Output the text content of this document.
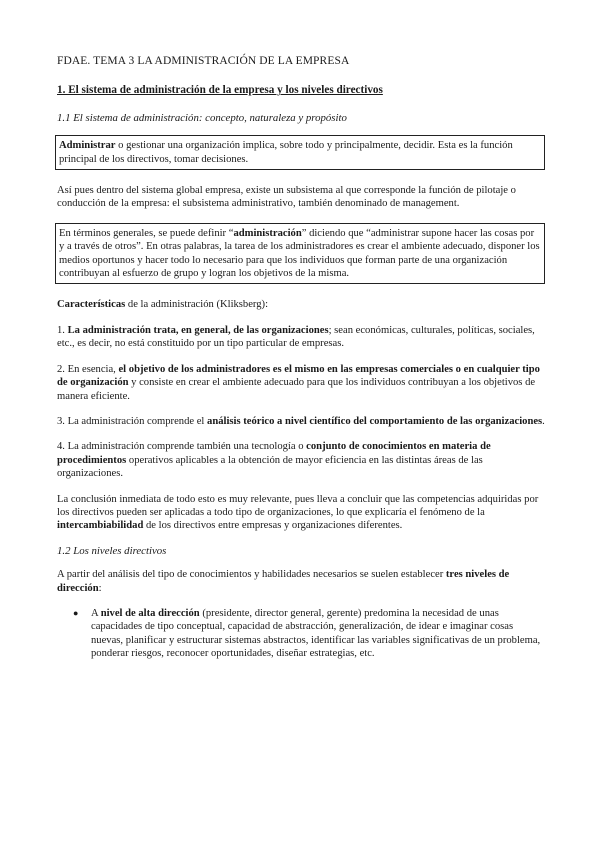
FDAE. TEMA 3 LA ADMINISTRACIÓN DE LA EMPRESA
1. El sistema de administración de la empresa y los niveles directivos
1.1 El sistema de administración: concepto, naturaleza y propósito
Administrar o gestionar una organización implica, sobre todo y principalmente, decidir. Esta es la función principal de los directivos, tomar decisiones.

Así pues dentro del sistema global empresa, existe un subsistema al que corresponde la función de pilotaje o conducción de la empresa: el subsistema administrativo, también denominado de management.

En términos generales, se puede definir “administración” diciendo que “administrar supone hacer las cosas por y a través de otros”. En otras palabras, la tarea de los administradores es crear el ambiente adecuado, disponer los medios oportunos y hacer todo lo necesario para que los individuos que forman parte de una organización contribuyan al esfuerzo de grupo y logran los objetivos de la misma.

Características de la administración (Kliksberg):

1. La administración trata, en general, de las organizaciones; sean económicas, culturales, políticas, sociales, etc., es decir, no está constituido por un tipo particular de empresas.

2. En esencia, el objetivo de los administradores es el mismo en las empresas comerciales o en cualquier tipo de organización y consiste en crear el ambiente adecuado para que los individuos contribuyan a los objetivos de manera eficiente.

3. La administración comprende el análisis teórico a nivel científico del comportamiento de las organizaciones.

4. La administración comprende también una tecnología o conjunto de conocimientos en materia de procedimientos operativos aplicables a la obtención de mayor eficiencia en las distintas áreas de las organizaciones.

La conclusión inmediata de todo esto es muy relevante, pues lleva a concluir que las competencias adquiridas por los directivos pueden ser aplicadas a todo tipo de organizaciones, lo que explicaría el fenómeno de la intercambiabilidad de los directivos entre empresas y organizaciones diferentes.

1.2 Los niveles directivos

A partir del análisis del tipo de conocimientos y habilidades necesarios se suelen establecer tres niveles de dirección:

● A nivel de alta dirección (presidente, director general, gerente) predomina la necesidad de unas capacidades de tipo conceptual, capacidad de abstracción, generalización, de idear e imaginar cosas nuevas, planificar y estructurar sistemas abstractos, identificar las variables significativas de un problema, ponderar riesgos, reconocer oportunidades, diseñar estrategias, etc.
